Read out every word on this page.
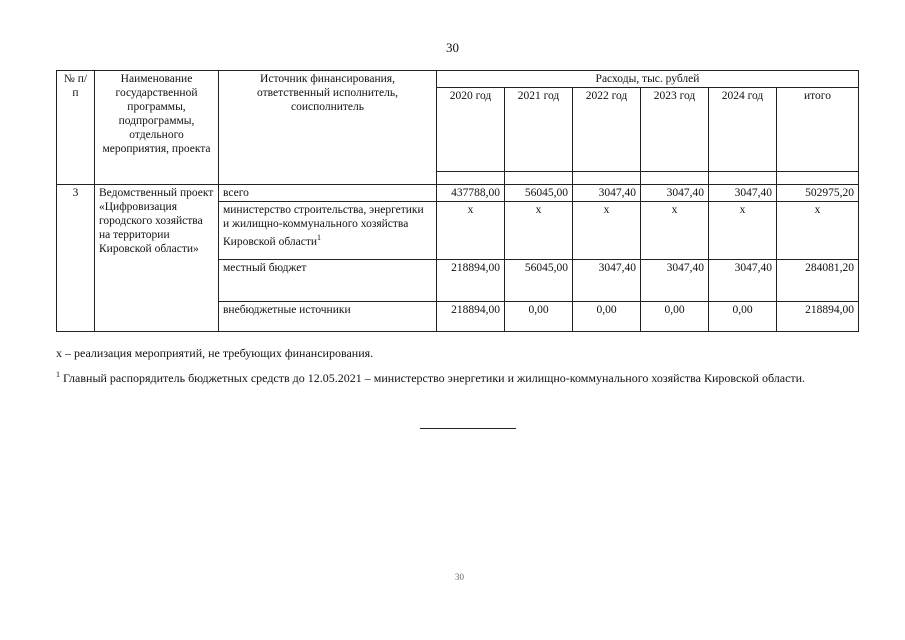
30
№ п/п	Наименование государственной программы, подпрограммы, отдельного мероприятия, проекта	Источник финансирования, ответственный исполнитель, соисполнитель	Расходы, тыс. рублей					
			2020 год	2021 год	2022 год	2023 год	2024 год	итого

3	Ведомственный проект «Цифровизация городского хозяйства на территории Кировской области»	всего	437788,00	56045,00	3047,40	3047,40	3047,40	502975,20
		министерство строительства, энергетики и жилищно-коммунального хозяйства Кировской области$^1$	х	х	х	х	х	х
		местный бюджет	218894,00	56045,00	3047,40	3047,40	3047,40	284081,20
		внебюджетные источники	218894,00	0,00	0,00	0,00	0,00	218894,00
х – реализация мероприятий, не требующих финансирования.
$^1$ Главный распорядитель бюджетных средств до 12.05.2021 – министерство энергетики и жилищно-коммунального хозяйства Кировской области.
30
